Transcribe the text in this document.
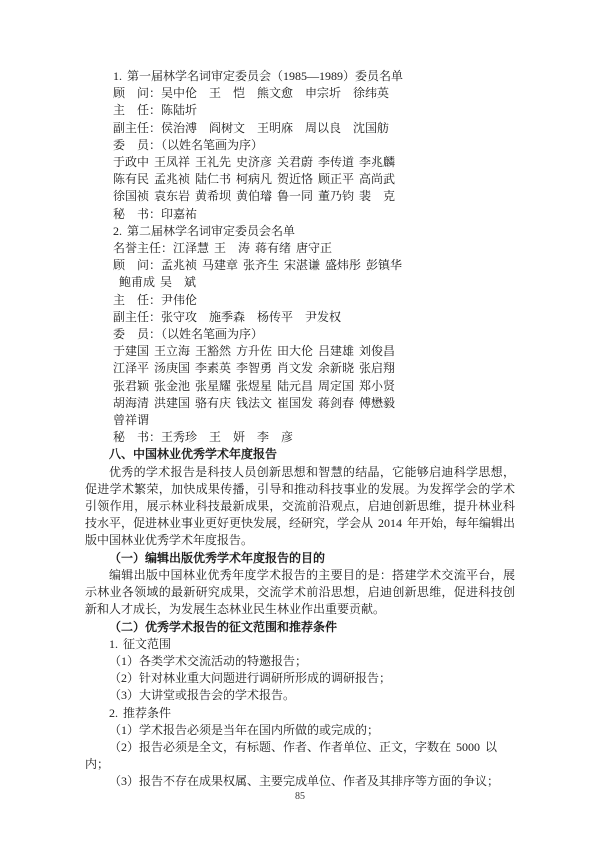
1. 第一届林学名词审定委员会（1985—1989）委员名单
顾　问：吴中伦　王　恺　熊文愈　申宗圻　徐纬英
主　任：陈陆圻
副主任：侯治溥　阎树文　王明庥　周以良　沈国舫
委　员：（以姓名笔画为序）
于政中 王凤祥 王礼先 史济彦 关君蔚 李传道 李兆麟
陈有民 孟兆祯 陆仁书 柯病凡 贺近恪 顾正平 高尚武
徐国祯 袁东岩 黄希坝 黄伯璿 鲁一同 董乃钧 裴　克
秘　书：印嘉祐
2. 第二届林学名词审定委员会名单
名誉主任：江泽慧 王　涛 蒋有绪 唐守正
顾　问：孟兆祯 马建章 张齐生 宋湛谦 盛炜彤 彭镇华
鲍甫成 吴　斌
主　任：尹伟伦
副主任：张守攻　施季森　杨传平　尹发权
委　员：（以姓名笔画为序）
于建国 王立海 王豁然 方升佐 田大伦 吕建雄 刘俊昌
江泽平 汤庚国 李素英 李智勇 肖文发 余新晓 张启翔
张君颖 张金池 张星耀 张煜星 陆元昌 周定国 郑小贤
胡海清 洪建国 骆有庆 钱法文 崔国发 蒋剑春 傅懋毅
曾祥谓
秘　书：王秀珍　王　妍　李　彦
八、中国林业优秀学术年度报告
优秀的学术报告是科技人员创新思想和智慧的结晶，它能够启迪科学思想，促进学术繁荣，加快成果传播，引导和推动科技事业的发展。为发挥学会的学术引领作用，展示林业科技最新成果，交流前沿观点，启迪创新思维，提升林业科技水平，促进林业事业更好更快发展，经研究，学会从 2014 年开始，每年编辑出版中国林业优秀学术年度报告。
（一）编辑出版优秀学术年度报告的目的
编辑出版中国林业优秀年度学术报告的主要目的是：搭建学术交流平台，展示林业各领域的最新研究成果，交流学术前沿思想，启迪创新思维，促进科技创新和人才成长，为发展生态林业民生林业作出重要贡献。
（二）优秀学术报告的征文范围和推荐条件
1. 征文范围
（1）各类学术交流活动的特邀报告；
（2）针对林业重大问题进行调研所形成的调研报告；
（3）大讲堂或报告会的学术报告。
2. 推荐条件
（1）学术报告必须是当年在国内所做的或完成的；
（2）报告必须是全文，有标题、作者、作者单位、正文，字数在 5000 以内；
（3）报告不存在成果权属、主要完成单位、作者及其排序等方面的争议；
85
